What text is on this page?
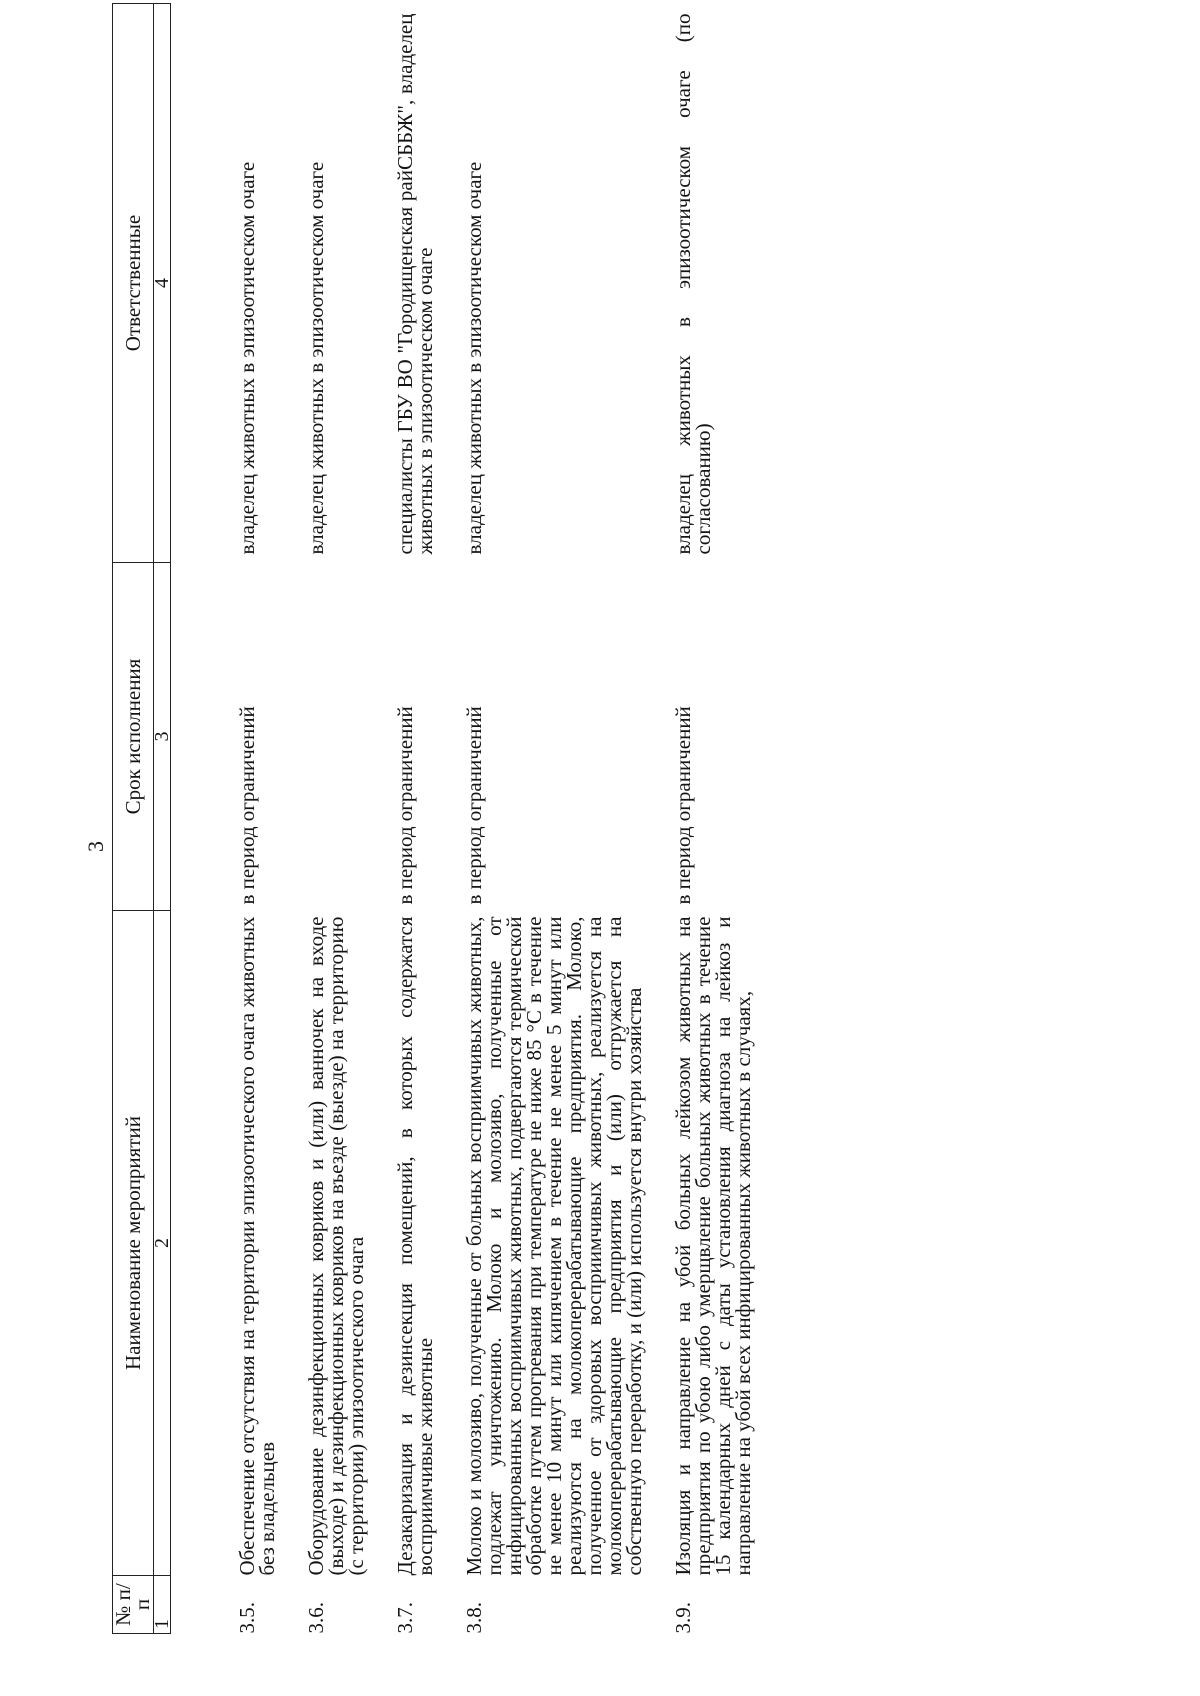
3
№ п/п	Наименование мероприятий	Срок исполнения	Ответственные
1	2	3	4

3.5.	Обеспечение отсутствия на территории эпизоотического очага животных без владельцев	в период ограничений	владелец животных в эпизоотическом очаге

3.6.	Оборудование дезинфекционных ковриков и (или) ванночек на входе (выходе) и дезинфекционных ковриков на въезде (выезде) на территорию (с территории) эпизоотического очага		владелец животных в эпизоотическом очаге

3.7.	Дезакаризация и дезинсекция помещений, в которых содержатся восприимчивые животные	в период ограничений	специалисты ГБУ ВО "Городищенская райСББЖ", владелец животных в эпизоотическом очаге

3.8.	Молоко и молозиво, полученные от больных восприимчивых животных, подлежат уничтожению. Молоко и молозиво, полученные от инфицированных восприимчивых животных, подвергаются термической обработке путем прогревания при температуре не ниже 85 °С в течение не менее 10 минут или кипячением в течение не менее 5 минут или реализуются на молокоперерабатывающие предприятия. Молоко, полученное от здоровых восприимчивых животных, реализуется на молокоперерабатывающие предприятия и (или) отгружается на собственную переработку, и (или) используется внутри хозяйства	в период ограничений	владелец животных в эпизоотическом очаге

3.9.	Изоляция и направление на убой больных лейкозом животных на предприятия по убою либо умерщвление больных животных в течение 15 календарных дней с даты установления диагноза на лейкоз и направление на убой всех инфицированных животных в случаях,	в период ограничений	владелец животных в эпизоотическом очаге (по согласованию)
